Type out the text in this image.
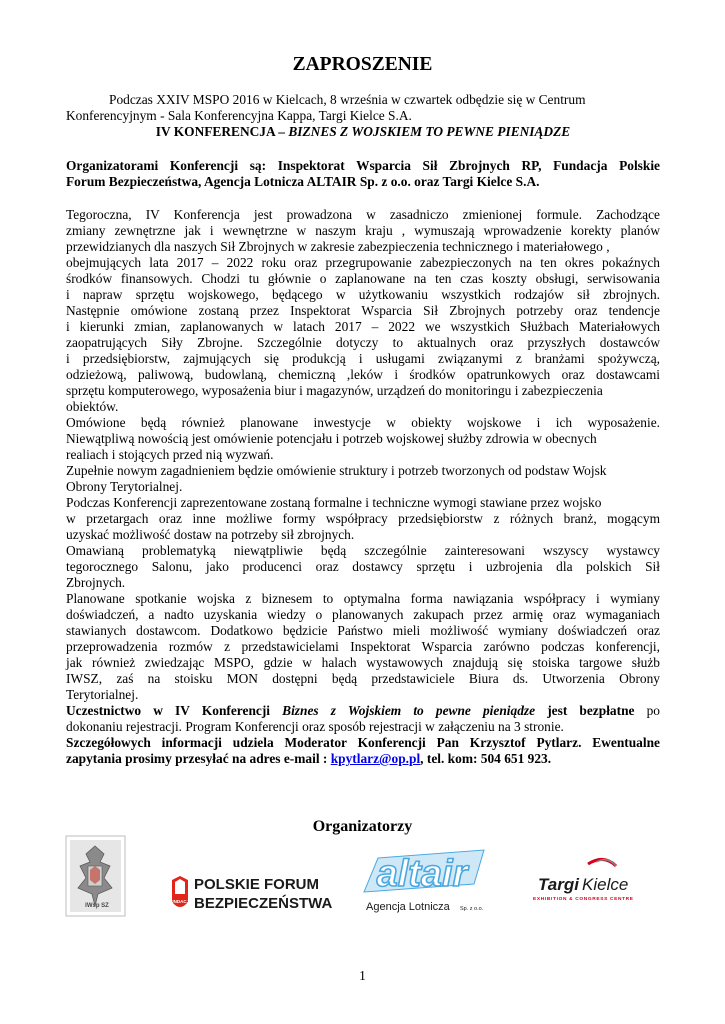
ZAPROSZENIE
Podczas XXIV MSPO 2016 w Kielcach, 8 września w czwartek odbędzie się w Centrum
Konferencyjnym - Sala Konferencyjna Kappa, Targi Kielce S.A.
IV KONFERENCJA – BIZNES Z WOJSKIEM TO PEWNE PIENIĄDZE
Organizatorami Konferencji są: Inspektorat Wsparcia Sił Zbrojnych RP, Fundacja Polskie
Forum Bezpieczeństwa, Agencja Lotnicza ALTAIR Sp. z o.o. oraz Targi Kielce S.A.
Tegoroczna, IV Konferencja jest prowadzona w zasadniczo zmienionej formule. Zachodzące
zmiany zewnętrzne jak i wewnętrzne w naszym kraju , wymuszają wprowadzenie korekty planów
przewidzianych dla naszych Sił Zbrojnych w zakresie zabezpieczenia technicznego i materiałowego ,
obejmujących lata 2017 – 2022 roku oraz przegrupowanie zabezpieczonych na ten okres pokaźnych
środków finansowych. Chodzi tu głównie o zaplanowane na ten czas koszty obsługi, serwisowania
i napraw sprzętu wojskowego, będącego w użytkowaniu wszystkich rodzajów sił zbrojnych.
Następnie omówione zostaną przez Inspektorat Wsparcia Sił Zbrojnych potrzeby oraz tendencje
i kierunki zmian, zaplanowanych w latach 2017 – 2022 we wszystkich Służbach Materiałowych
zaopatrujących Siły Zbrojne. Szczególnie dotyczy to aktualnych oraz przyszłych dostawców
i przedsiębiorstw, zajmujących się produkcją i usługami związanymi z branżami spożywczą,
odzieżową, paliwową, budowlaną, chemiczną ,leków i środków opatrunkowych oraz dostawcami
sprzętu komputerowego, wyposażenia biur i magazynów, urządzeń do monitoringu i zabezpieczenia
obiektów.
Omówione będą również planowane inwestycje w obiekty wojskowe i ich wyposażenie.
Niewątpliwą nowością jest omówienie potencjału i potrzeb wojskowej służby zdrowia w obecnych
realiach i stojących przed nią wyzwań.
Zupełnie nowym zagadnieniem będzie omówienie struktury i potrzeb tworzonych od podstaw Wojsk
Obrony Terytorialnej.
Podczas Konferencji zaprezentowane zostaną formalne i techniczne wymogi stawiane przez wojsko
w przetargach oraz inne możliwe formy współpracy przedsiębiorstw z różnych branż, mogącym
uzyskać możliwość dostaw na potrzeby sił zbrojnych.
Omawianą problematyką niewątpliwie będą szczególnie zainteresowani wszyscy wystawcy
tegorocznego Salonu, jako producenci oraz dostawcy sprzętu i uzbrojenia dla polskich Sił
Zbrojnych.
Planowane spotkanie wojska z biznesem to optymalna forma nawiązania współpracy i wymiany
doświadczeń, a nadto uzyskania wiedzy o planowanych zakupach przez armię oraz wymaganiach
stawianych dostawcom. Dodatkowo będzicie Państwo mieli możliwość wymiany doświadczeń oraz
przeprowadzenia rozmów z przedstawicielami Inspektorat Wsparcia zarówno podczas konferencji,
jak również zwiedzając MSPO, gdzie w halach wystawowych znajdują się stoiska targowe służb
IWSZ, zaś na stoisku MON dostępni będą przedstawiciele Biura ds. Utworzenia Obrony
Terytorialnej.
Uczestnictwo w IV Konferencji Biznes z Wojskiem to pewne pieniądze jest bezpłatne po
dokonaniu rejestracji. Program Konferencji oraz sposób rejestracji w załączeniu na 3 stronie.
Szczegółowych informacji udziela Moderator Konferencji Pan Krzysztof Pytlarz. Ewentualne
zapytania prosimy przesyłać na adres e-mail : kpytlarz@op.pl, tel. kom: 504 651 923.
Organizatorzy
IWsp SZ
FUNDACJA
POLSKIE FORUM
BEZPIECZEŃSTWA
altair
Agencja Lotnicza Sp. z o.o.
Targi Kielce
EXHIBITION & CONGRESS CENTRE
1
